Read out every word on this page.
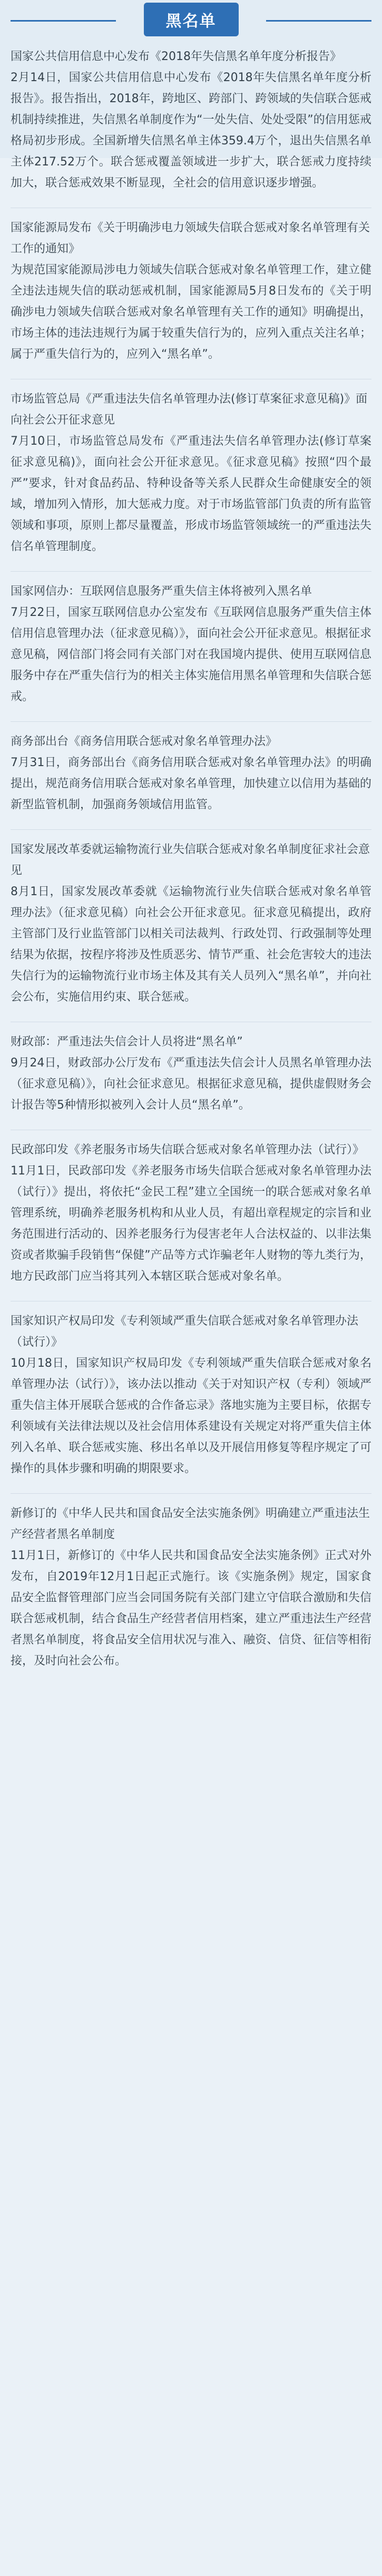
黑名单

国家公共信用信息中心发布《2018年失信黑名单年度分析报告》

2月14日，国家公共信用信息中心发布《2018年失信黑名单年度分析报告》。报告指出，2018年，跨地区、跨部门、跨领域的失信联合惩戒机制持续推进，失信黑名单制度作为“一处失信、处处受限”的信用惩戒格局初步形成。全国新增失信黑名单主体359.4万个，退出失信黑名单主体217.52万个。联合惩戒覆盖领域进一步扩大，联合惩戒力度持续加大，联合惩戒效果不断显现，全社会的信用意识逐步增强。

国家能源局发布《关于明确涉电力领域失信联合惩戒对象名单管理有关工作的通知》

为规范国家能源局涉电力领域失信联合惩戒对象名单管理工作，建立健全违法违规失信的联动惩戒机制，国家能源局5月8日发布的《关于明确涉电力领域失信联合惩戒对象名单管理有关工作的通知》明确提出，市场主体的违法违规行为属于较重失信行为的，应列入重点关注名单；属于严重失信行为的，应列入“黑名单”。

市场监管总局《严重违法失信名单管理办法(修订草案征求意见稿)》面向社会公开征求意见

7月10日，市场监管总局发布《严重违法失信名单管理办法(修订草案征求意见稿)》，面向社会公开征求意见。《征求意见稿》按照“四个最严”要求，针对食品药品、特种设备等关系人民群众生命健康安全的领域，增加列入情形，加大惩戒力度。对于市场监管部门负责的所有监管领域和事项，原则上都尽量覆盖，形成市场监管领域统一的严重违法失信名单管理制度。

国家网信办：互联网信息服务严重失信主体将被列入黑名单

7月22日，国家互联网信息办公室发布《互联网信息服务严重失信主体信用信息管理办法（征求意见稿）》，面向社会公开征求意见。根据征求意见稿，网信部门将会同有关部门对在我国境内提供、使用互联网信息服务中存在严重失信行为的相关主体实施信用黑名单管理和失信联合惩戒。

商务部出台《商务信用联合惩戒对象名单管理办法》

7月31日，商务部出台《商务信用联合惩戒对象名单管理办法》的明确提出，规范商务信用联合惩戒对象名单管理，加快建立以信用为基础的新型监管机制，加强商务领域信用监管。

国家发展改革委就运输物流行业失信联合惩戒对象名单制度征求社会意见

8月1日，国家发展改革委就《运输物流行业失信联合惩戒对象名单管理办法》（征求意见稿）向社会公开征求意见。征求意见稿提出，政府主管部门及行业监管部门以相关司法裁判、行政处罚、行政强制等处理结果为依据，按程序将涉及性质恶劣、情节严重、社会危害较大的违法失信行为的运输物流行业市场主体及其有关人员列入“黑名单”，并向社会公布，实施信用约束、联合惩戒。

财政部：严重违法失信会计人员将进“黑名单”

9月24日，财政部办公厅发布《严重违法失信会计人员黑名单管理办法（征求意见稿）》，向社会征求意见。根据征求意见稿，提供虚假财务会计报告等5种情形拟被列入会计人员“黑名单”。

民政部印发《养老服务市场失信联合惩戒对象名单管理办法（试行）》

11月1日，民政部印发《养老服务市场失信联合惩戒对象名单管理办法（试行）》提出，将依托“金民工程”建立全国统一的联合惩戒对象名单管理系统，明确养老服务机构和从业人员，有超出章程规定的宗旨和业务范围进行活动的、因养老服务行为侵害老年人合法权益的、以非法集资或者欺骗手段销售“保健”产品等方式诈骗老年人财物的等九类行为，地方民政部门应当将其列入本辖区联合惩戒对象名单。

国家知识产权局印发《专利领域严重失信联合惩戒对象名单管理办法（试行）》

10月18日，国家知识产权局印发《专利领域严重失信联合惩戒对象名单管理办法（试行）》，该办法以推动《关于对知识产权（专利）领域严重失信主体开展联合惩戒的合作备忘录》落地实施为主要目标，依据专利领域有关法律法规以及社会信用体系建设有关规定对将严重失信主体列入名单、联合惩戒实施、移出名单以及开展信用修复等程序规定了可操作的具体步骤和明确的期限要求。

新修订的《中华人民共和国食品安全法实施条例》明确建立严重违法生产经营者黑名单制度

11月1日，新修订的《中华人民共和国食品安全法实施条例》正式对外发布，自2019年12月1日起正式施行。该《实施条例》规定，国家食品安全监督管理部门应当会同国务院有关部门建立守信联合激励和失信联合惩戒机制，结合食品生产经营者信用档案，建立严重违法生产经营者黑名单制度，将食品安全信用状况与准入、融资、信贷、征信等相衔接，及时向社会公布。
